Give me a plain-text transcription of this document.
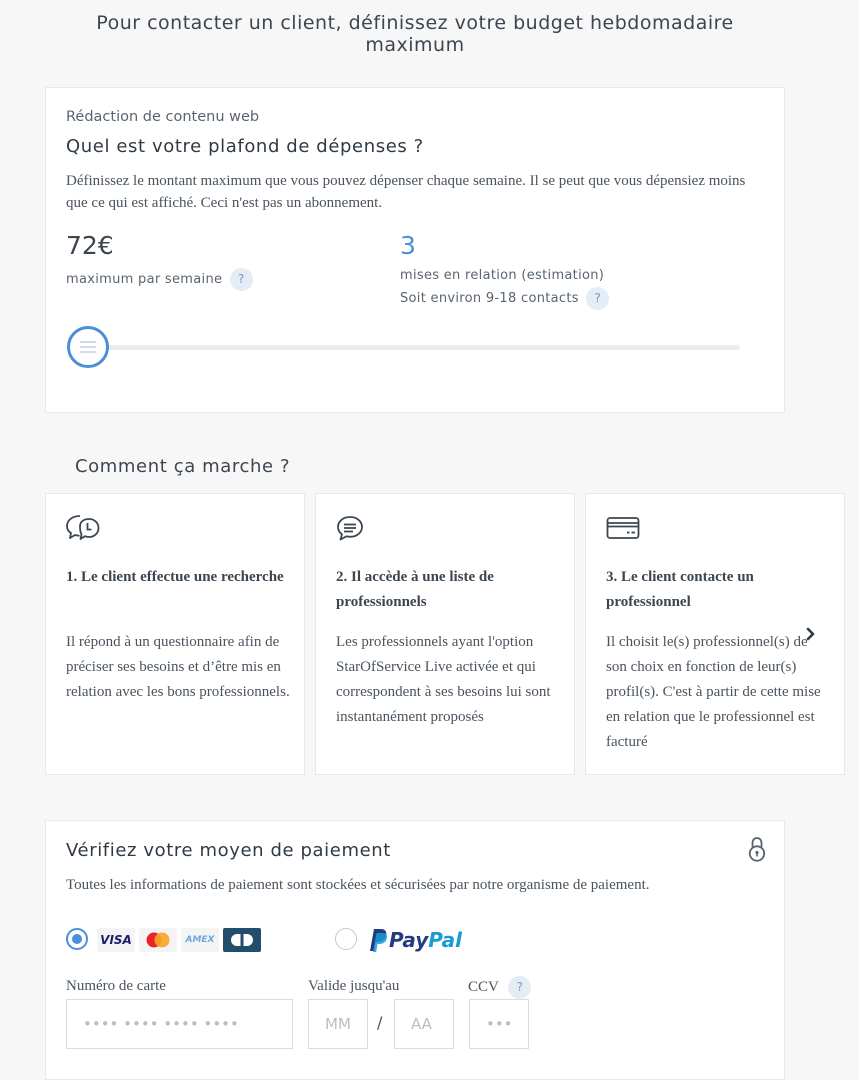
Pour contacter un client, définissez votre budget hebdomadaire maximum
Rédaction de contenu web
Quel est votre plafond de dépenses ?
Définissez le montant maximum que vous pouvez dépenser chaque semaine. Il se peut que vous dépensiez moins que ce qui est affiché. Ceci n'est pas un abonnement.
72€
maximum par semaine ?
3
mises en relation (estimation)
Soit environ 9-18 contacts ?
Comment ça marche ?
1. Le client effectue une recherche
Il répond à un questionnaire afin de préciser ses besoins et d’être mis en relation avec les bons professionnels.
2. Il accède à une liste de professionnels
Les professionnels ayant l'option StarOfService Live activée et qui correspondent à ses besoins lui sont instantanément proposés
3. Le client contacte un professionnel
Il choisit le(s) professionnel(s) de son choix en fonction de leur(s) profil(s). C'est à partir de cette mise en relation que le professionnel est facturé
Vérifiez votre moyen de paiement
Toutes les informations de paiement sont stockées et sécurisées par notre organisme de paiement.
VISA	AMEX	PayPal
Numéro de carte
•••• •••• •••• ••••	Valide jusqu'au
MM
/
AA
CCV ?
•••
